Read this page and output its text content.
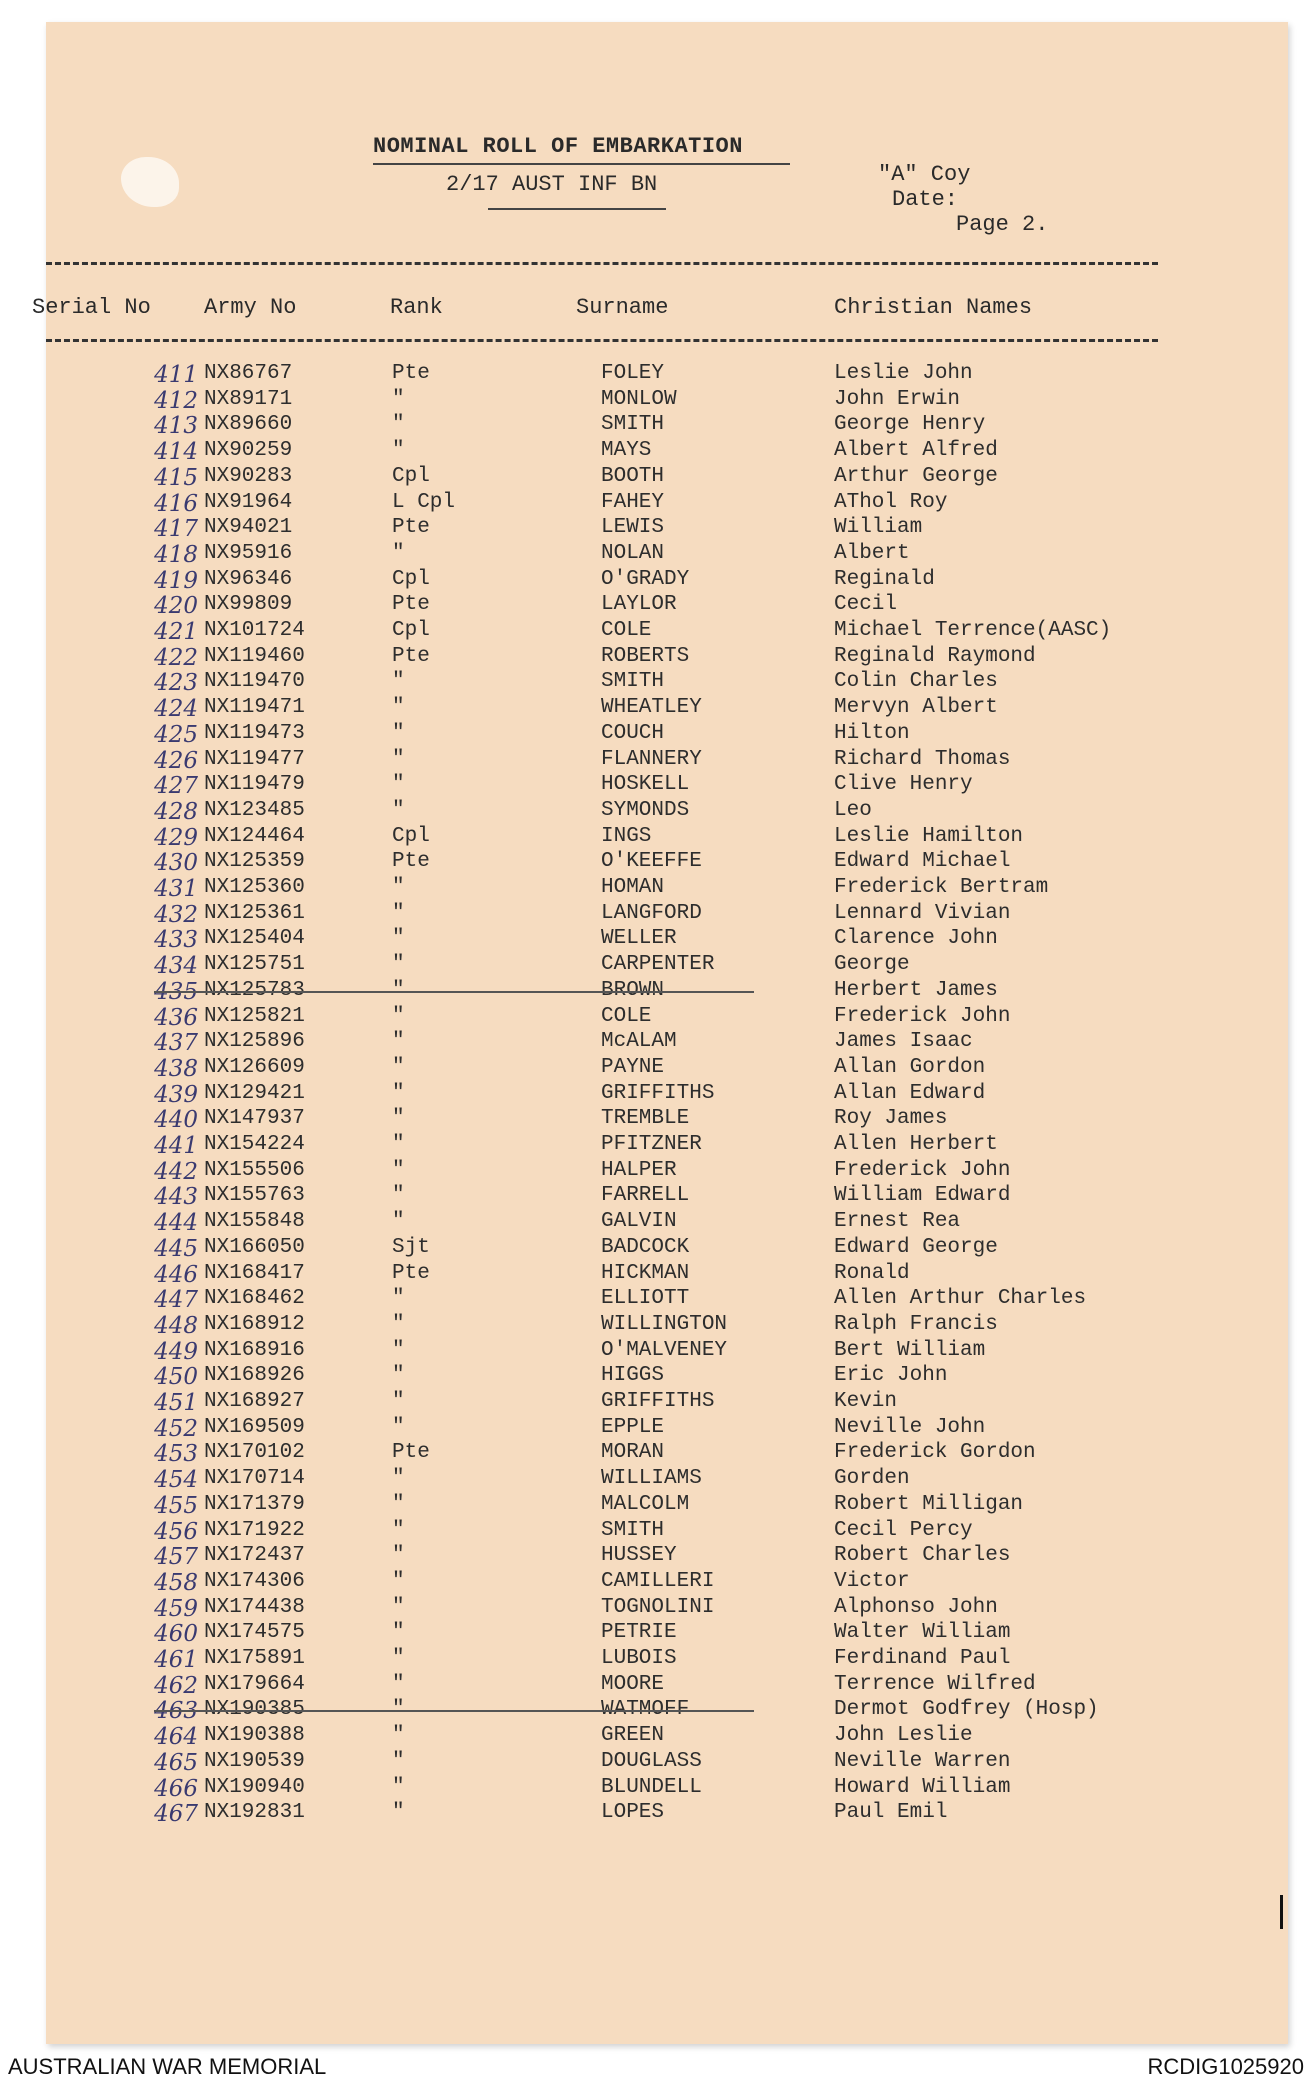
NOMINAL ROLL OF EMBARKATION
2/17 AUST INF BN	"A" Coy
Date:
Page 2.
Serial No Army No	Rank	Surname	Christian Names
411 NX86767	Pte	FOLEY	Leslie John
412 NX89171	"	MONLOW	John Erwin
413 NX89660	"	SMITH	George Henry
414 NX90259	"	MAYS	Albert Alfred
415 NX90283	Cpl	BOOTH	Arthur George
416 NX91964	L Cpl	FAHEY	AThol Roy
417 NX94021	Pte	LEWIS	William
418 NX95916	"	NOLAN	Albert
419 NX96346	Cpl	O'GRADY	Reginald
420 NX99809	Pte	LAYLOR	Cecil
421 NX101724	Cpl	COLE	Michael Terrence(AASC)
422 NX119460	Pte	ROBERTS	Reginald Raymond
423 NX119470	"	SMITH	Colin Charles
424 NX119471	"	WHEATLEY	Mervyn Albert
425 NX119473	"	COUCH	Hilton
426 NX119477	"	FLANNERY	Richard Thomas
427 NX119479	"	HOSKELL	Clive Henry
428 NX123485	"	SYMONDS	Leo
429 NX124464	Cpl	INGS	Leslie Hamilton
430 NX125359	Pte	O'KEEFFE	Edward Michael
431 NX125360	"	HOMAN	Frederick Bertram
432 NX125361	"	LANGFORD	Lennard Vivian
433 NX125404	"	WELLER	Clarence John
434 NX125751	"	CARPENTER	George
435 NX125783	"	BROWN	Herbert James
436 NX125821	"	COLE	Frederick John
437 NX125896	"	McALAM	James Isaac
438 NX126609	"	PAYNE	Allan Gordon
439 NX129421	"	GRIFFITHS	Allan Edward
440 NX147937	"	TREMBLE	Roy James
441 NX154224	"	PFITZNER	Allen Herbert
442 NX155506	"	HALPER	Frederick John
443 NX155763	"	FARRELL	William Edward
444 NX155848	"	GALVIN	Ernest Rea
445 NX166050	Sjt	BADCOCK	Edward George
446 NX168417	Pte	HICKMAN	Ronald
447 NX168462	"	ELLIOTT	Allen Arthur Charles
448 NX168912	"	WILLINGTON	Ralph Francis
449 NX168916	"	O'MALVENEY	Bert William
450 NX168926	"	HIGGS	Eric John
451 NX168927	"	GRIFFITHS	Kevin
452 NX169509	"	EPPLE	Neville John
453 NX170102	Pte	MORAN	Frederick Gordon
454 NX170714	"	WILLIAMS	Gorden
455 NX171379	"	MALCOLM	Robert Milligan
456 NX171922	"	SMITH	Cecil Percy
457 NX172437	"	HUSSEY	Robert Charles
458 NX174306	"	CAMILLERI	Victor
459 NX174438	"	TOGNOLINI	Alphonso John
460 NX174575	"	PETRIE	Walter William
461 NX175891	"	LUBOIS	Ferdinand Paul
462 NX179664	"	MOORE	Terrence Wilfred
463 NX190385	"	WATMOFF	Dermot Godfrey (Hosp)
464 NX190388	"	GREEN	John Leslie
465 NX190539	"	DOUGLASS	Neville Warren
466 NX190940	"	BLUNDELL	Howard William
467 NX192831	"	LOPES	Paul Emil
AUSTRALIAN WAR MEMORIAL	RCDIG1025920
